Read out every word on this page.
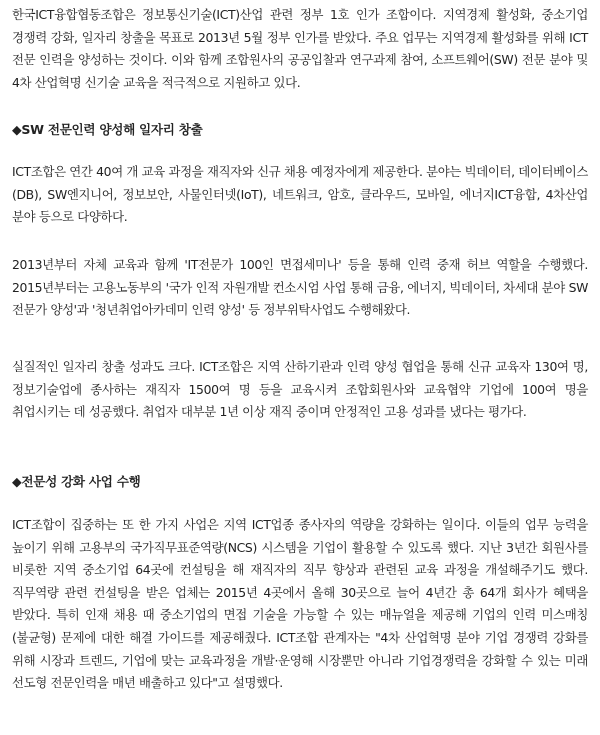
한국ICT융합협동조합은 정보통신기술(ICT)산업 관련 정부 1호 인가 조합이다. 지역경제 활성화, 중소기업 경쟁력 강화, 일자리 창출을 목표로 2013년 5월 정부 인가를 받았다. 주요 업무는 지역경제 활성화를 위해 ICT 전문 인력을 양성하는 것이다. 이와 함께 조합원사의 공공입찰과 연구과제 참여, 소프트웨어(SW) 전문 분야 및 4차 산업혁명 신기술 교육을 적극적으로 지원하고 있다.

◆SW 전문인력 양성해 일자리 창출

ICT조합은 연간 40여 개 교육 과정을 재직자와 신규 채용 예정자에게 제공한다. 분야는 빅데이터, 데이터베이스(DB), SW엔지니어, 정보보안, 사물인터넷(IoT), 네트워크, 암호, 클라우드, 모바일, 에너지ICT융합, 4차산업 분야 등으로 다양하다.

2013년부터 자체 교육과 함께 'IT전문가 100인 면접세미나' 등을 통해 인력 중재 허브 역할을 수행했다. 2015년부터는 고용노동부의 '국가 인적 자원개발 컨소시엄 사업 통해 금융, 에너지, 빅데이터, 차세대 분야 SW 전문가 양성'과 '청년취업아카데미 인력 양성' 등 정부위탁사업도 수행해왔다.

실질적인 일자리 창출 성과도 크다. ICT조합은 지역 산하기관과 인력 양성 협업을 통해 신규 교육자 130여 명, 정보기술업에 종사하는 재직자 1500여 명 등을 교육시켜 조합회원사와 교육협약 기업에 100여 명을 취업시키는 데 성공했다. 취업자 대부분 1년 이상 재직 중이며 안정적인 고용 성과를 냈다는 평가다.

◆전문성 강화 사업 수행

ICT조합이 집중하는 또 한 가지 사업은 지역 ICT업종 종사자의 역량을 강화하는 일이다. 이들의 업무 능력을 높이기 위해 고용부의 국가직무표준역량(NCS) 시스템을 기업이 활용할 수 있도록 했다. 지난 3년간 회원사를 비롯한 지역 중소기업 64곳에 컨설팅을 해 재직자의 직무 향상과 관련된 교육 과정을 개설해주기도 했다. 직무역량 관련 컨설팅을 받은 업체는 2015년 4곳에서 올해 30곳으로 늘어 4년간 총 64개 회사가 혜택을 받았다. 특히 인재 채용 때 중소기업의 면접 기술을 가능할 수 있는 매뉴얼을 제공해 기업의 인력 미스매칭(불균형) 문제에 대한 해결 가이드를 제공해줬다. ICT조합 관계자는 "4차 산업혁명 분야 기업 경쟁력 강화를 위해 시장과 트렌드, 기업에 맞는 교육과정을 개발·운영해 시장뿐만 아니라 기업경쟁력을 강화할 수 있는 미래 선도형 전문인력을 매년 배출하고 있다"고 설명했다.
